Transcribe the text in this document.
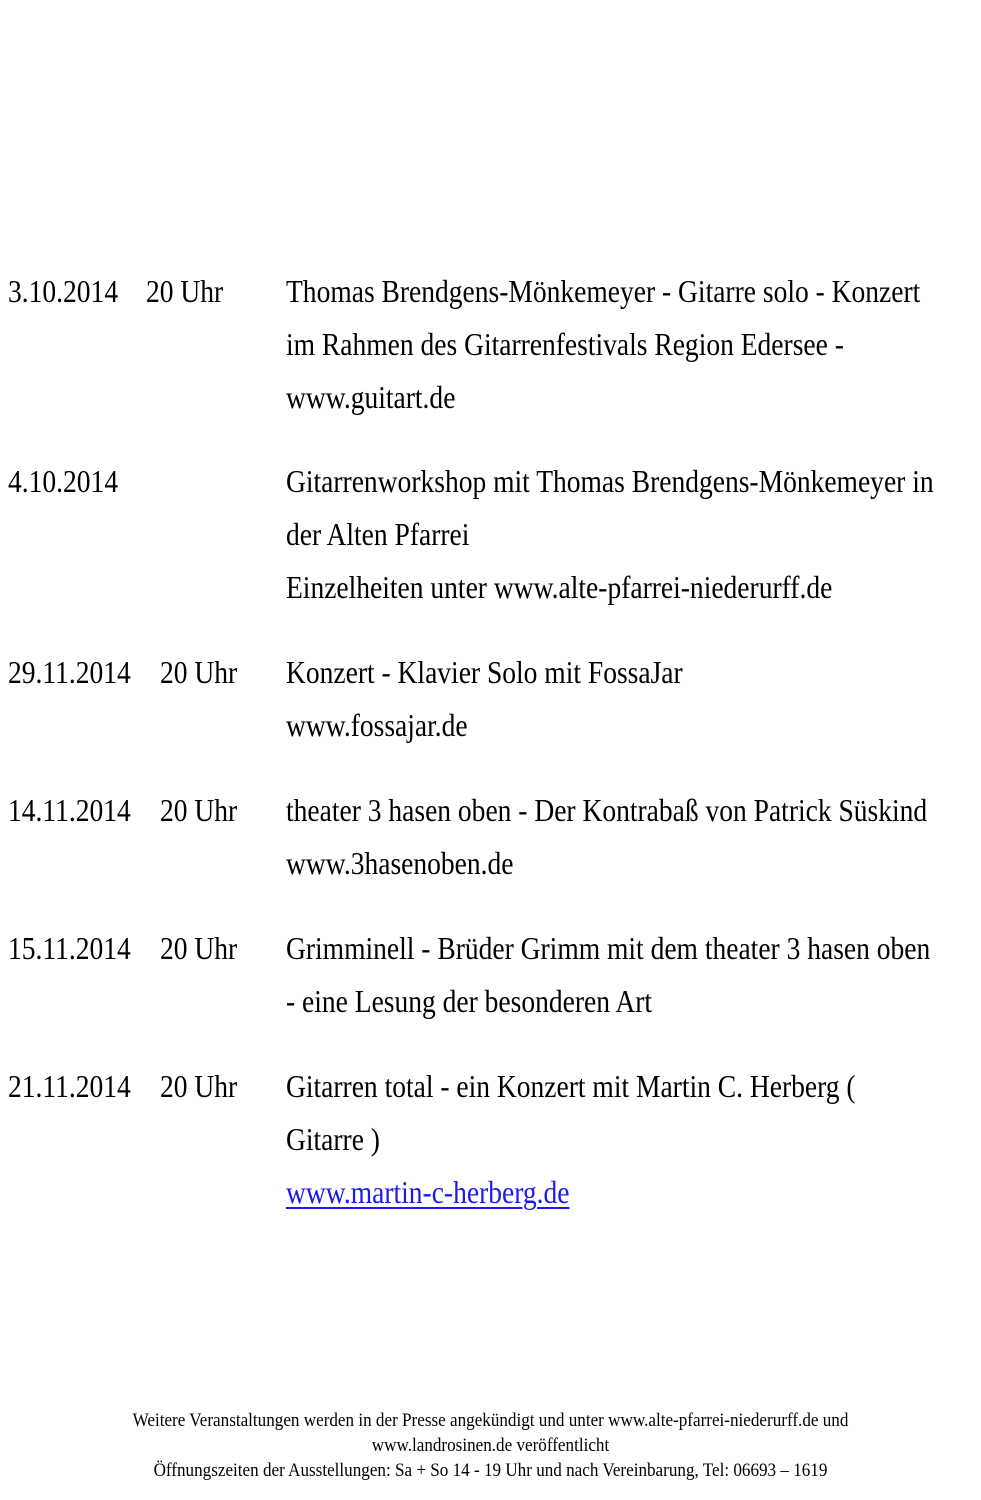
3.10.2014 20 Uhr Thomas Brendgens-Mönkemeyer - Gitarre solo - Konzert
im Rahmen des Gitarrenfestivals Region Edersee -
www.guitart.de
4.10.2014	Gitarrenworkshop mit Thomas Brendgens-Mönkemeyer in
der Alten Pfarrei
Einzelheiten unter www.alte-pfarrei-niederurff.de
29.11.2014 20 Uhr Konzert - Klavier Solo mit FossaJar
www.fossajar.de
14.11.2014 20 Uhr theater 3 hasen oben - Der Kontrabaß von Patrick Süskind
www.3hasenoben.de
15.11.2014 20 Uhr Grimminell - Brüder Grimm mit dem theater 3 hasen oben
- eine Lesung der besonderen Art
21.11.2014 20 Uhr Gitarren total - ein Konzert mit Martin C. Herberg (
Gitarre )
www.martin-c-herberg.de
Weitere Veranstaltungen werden in der Presse angekündigt und unter www.alte-pfarrei-niederurff.de und
www.landrosinen.de veröffentlicht
Öffnungszeiten der Ausstellungen: Sa + So 14 - 19 Uhr und nach Vereinbarung, Tel: 06693 – 1619
